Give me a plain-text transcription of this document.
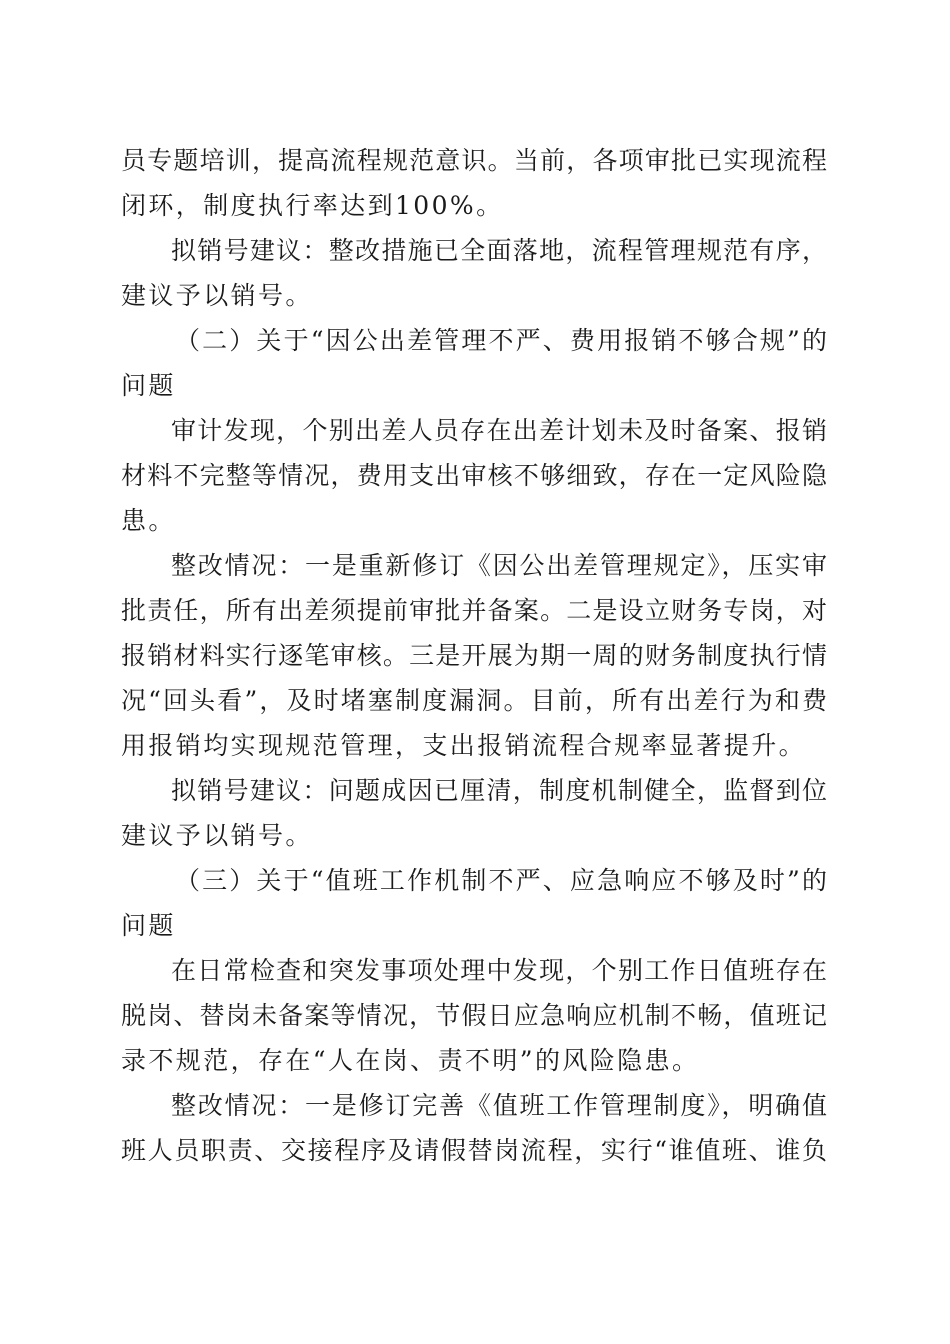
员专题培训，提高流程规范意识。当前，各项审批已实现流程
闭环，制度执行率达到100%。
拟销号建议：整改措施已全面落地，流程管理规范有序，
建议予以销号。
（二）关于“因公出差管理不严、费用报销不够合规”的
问题
审计发现，个别出差人员存在出差计划未及时备案、报销
材料不完整等情况，费用支出审核不够细致，存在一定风险隐
患。
整改情况：一是重新修订《因公出差管理规定》，压实审
批责任，所有出差须提前审批并备案。二是设立财务专岗，对
报销材料实行逐笔审核。三是开展为期一周的财务制度执行情
况“回头看”，及时堵塞制度漏洞。目前，所有出差行为和费
用报销均实现规范管理，支出报销流程合规率显著提升。
拟销号建议：问题成因已厘清，制度机制健全，监督到位
建议予以销号。
（三）关于“值班工作机制不严、应急响应不够及时”的
问题
在日常检查和突发事项处理中发现，个别工作日值班存在
脱岗、替岗未备案等情况，节假日应急响应机制不畅，值班记
录不规范，存在“人在岗、责不明”的风险隐患。
整改情况：一是修订完善《值班工作管理制度》，明确值
班人员职责、交接程序及请假替岗流程，实行“谁值班、谁负
